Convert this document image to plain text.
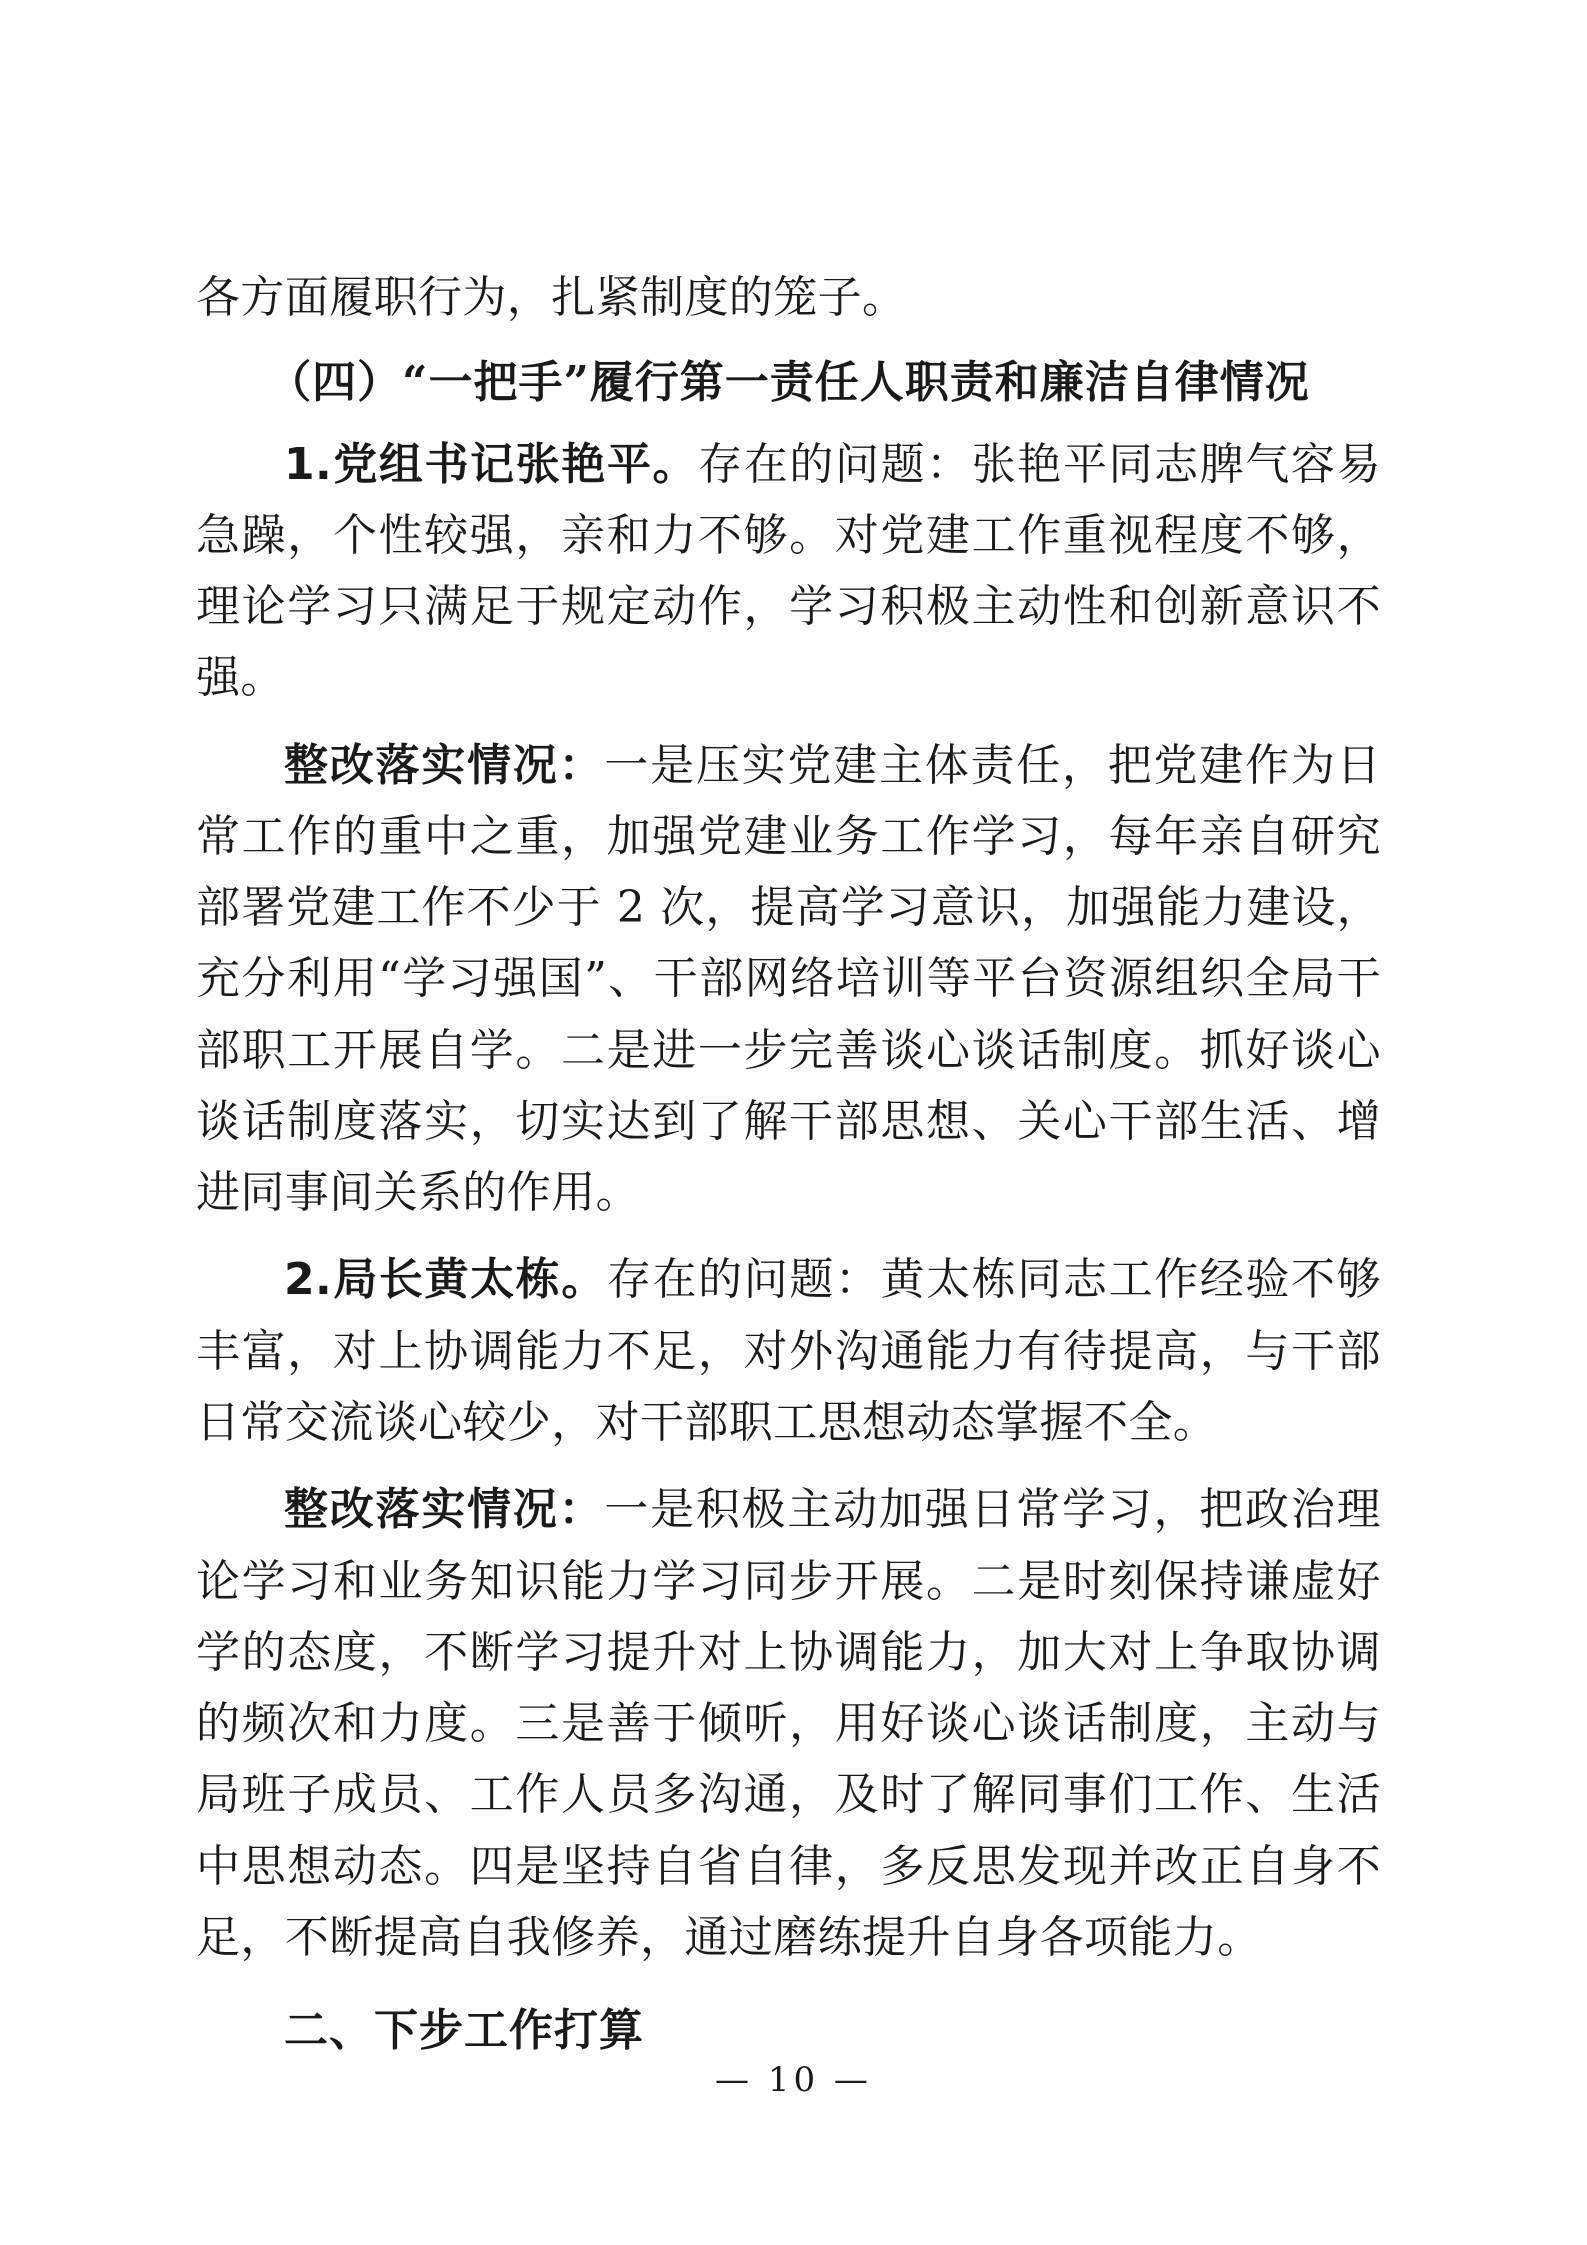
各方面履职行为，扎紧制度的笼子。

（四）“一把手”履行第一责任人职责和廉洁自律情况

1.党组书记张艳平。存在的问题：张艳平同志脾气容易急躁，个性较强，亲和力不够。对党建工作重视程度不够，理论学习只满足于规定动作，学习积极主动性和创新意识不强。

整改落实情况：一是压实党建主体责任，把党建作为日常工作的重中之重，加强党建业务工作学习，每年亲自研究部署党建工作不少于 2 次，提高学习意识，加强能力建设，充分利用“学习强国”、干部网络培训等平台资源组织全局干部职工开展自学。二是进一步完善谈心谈话制度。抓好谈心谈话制度落实，切实达到了解干部思想、关心干部生活、增进同事间关系的作用。

2.局长黄太栋。存在的问题：黄太栋同志工作经验不够丰富，对上协调能力不足，对外沟通能力有待提高，与干部日常交流谈心较少，对干部职工思想动态掌握不全。

整改落实情况：一是积极主动加强日常学习，把政治理论学习和业务知识能力学习同步开展。二是时刻保持谦虚好学的态度，不断学习提升对上协调能力，加大对上争取协调的频次和力度。三是善于倾听，用好谈心谈话制度，主动与局班子成员、工作人员多沟通，及时了解同事们工作、生活中思想动态。四是坚持自省自律，多反思发现并改正自身不足，不断提高自我修养，通过磨练提升自身各项能力。

二、下步工作打算

— 10 —
